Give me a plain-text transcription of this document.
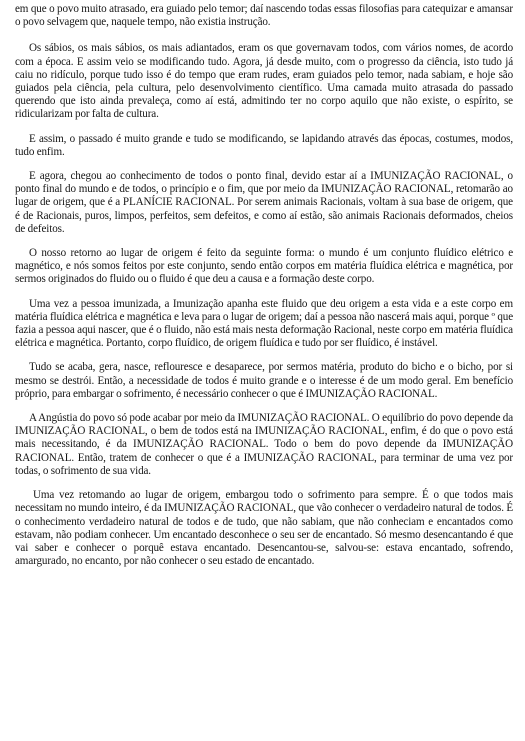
em que o povo muito atrasado, era guiado pelo temor; daí nascendo todas essas filosofias para catequizar e amansar o povo selvagem que, naquele tempo, não existia instrução.

Os sábios, os mais sábios, os mais adiantados, eram os que governavam todos, com vários nomes, de acordo com a época. E assim veio se modificando tudo. Agora, já desde muito, com o progresso da ciência, isto tudo já caiu no ridículo, porque tudo isso é do tempo que eram rudes, eram guiados pelo temor, nada sabiam, e hoje são guiados pela ciência, pela cultura, pelo desenvolvimento científico. Uma camada muito atrasada do passado querendo que isto ainda prevaleça, como aí está, admitindo ter no corpo aquilo que não existe, o espírito, se ridicularizam por falta de cultura.

E assim, o passado é muito grande e tudo se modificando, se lapidando através das épocas, costumes, modos, tudo enfim.

E agora, chegou ao conhecimento de todos o ponto final, devido estar aí a IMUNIZAÇÃO RACIONAL, o ponto final do mundo e de todos, o princípio e o fim, que por meio da IMUNIZAÇÃO RACIONAL, retomarão ao lugar de origem, que é a PLANÍCIE RACIONAL. Por serem animais Racionais, voltam à sua base de origem, que é de Racionais, puros, limpos, perfeitos, sem defeitos, e como aí estão, são animais Racionais deformados, cheios de defeitos.

O nosso retorno ao lugar de origem é feito da seguinte forma: o mundo é um conjunto fluídico elétrico e magnético, e nós somos feitos por este conjunto, sendo então corpos em matéria fluídica elétrica e magnética, por sermos originados do fluido ou o fluido é que deu a causa e a formação deste corpo.

Uma vez a pessoa imunizada, a Imunização apanha este fluido que deu origem a esta vida e a este corpo em matéria fluídica elétrica e magnética e leva para o lugar de origem; daí a pessoa não nascerá mais aqui, porque º que fazia a pessoa aqui nascer, que é o fluido, não está mais nesta deformação Racional, neste corpo em matéria fluídica elétrica e magnética. Portanto, corpo fluídico, de origem fluídica e tudo por ser fluídico, é instável.

Tudo se acaba, gera, nasce, reflouresce e desaparece, por sermos matéria, produto do bicho e o bicho, por si mesmo se destrói. Então, a necessidade de todos é muito grande e o interesse é de um modo geral. Em benefício próprio, para embargar o sofrimento, é necessário conhecer o que é IMUNIZAÇÃO RACIONAL.

A Angústia do povo só pode acabar por meio da IMUNIZAÇÃO RACIONAL. O equilíbrio do povo depende da IMUNIZAÇÃO RACIONAL, o bem de todos está na IMUNIZAÇÃO RACIONAL, enfim, é do que o povo está mais necessitando, é da IMUNIZAÇÃO RACIONAL. Todo o bem do povo depende da IMUNIZAÇÃO RACIONAL. Então, tratem de conhecer o que é a IMUNIZAÇÃO RACIONAL, para terminar de uma vez por todas, o sofrimento de sua vida.

Uma vez retomando ao lugar de origem, embargou todo o sofrimento para sempre. É o que todos mais necessitam no mundo inteiro, é da IMUNIZAÇÃO RACIONAL, que vão conhecer o verdadeiro natural de todos. É o conhecimento verdadeiro natural de todos e de tudo, que não sabiam, que não conheciam e encantados como estavam, não podiam conhecer. Um encantado desconhece o seu ser de encantado. Só mesmo desencantando é que vai saber e conhecer o porquê estava encantado. Desencantou-se, salvou-se: estava encantado, sofrendo, amargurado, no encanto, por não conhecer o seu estado de encantado.
